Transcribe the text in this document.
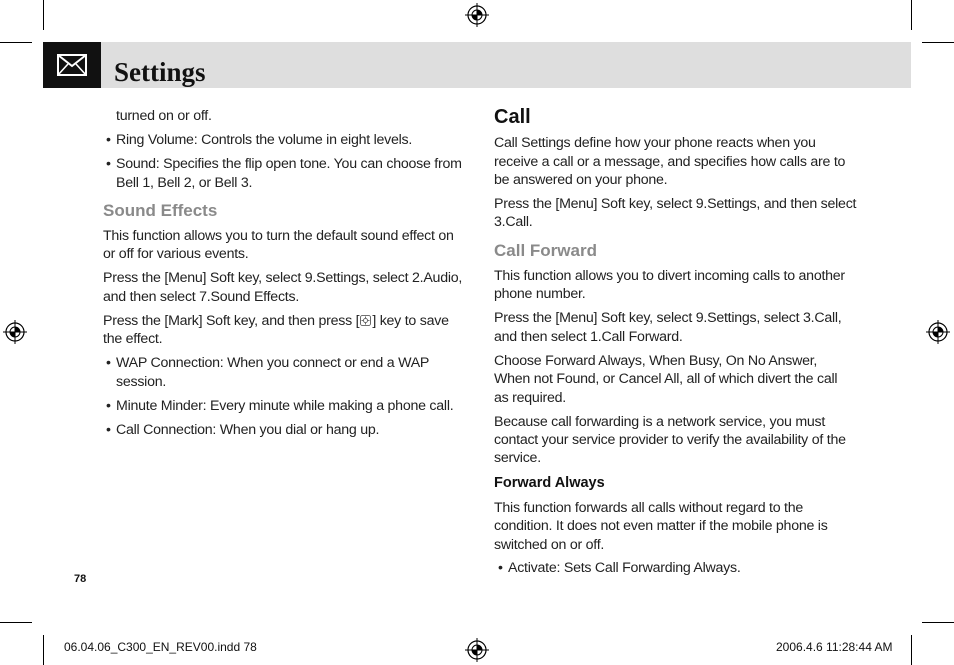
Settings
turned on or off.
• Ring Volume: Controls the volume in eight levels.
• Sound: Specifies the flip open tone. You can choose from
Bell 1, Bell 2, or Bell 3.
Sound Effects
This function allows you to turn the default sound effect on
or off for various events.
Press the [Menu] Soft key, select 9.Settings, select 2.Audio,
and then select 7.Sound Effects.
Press the [Mark] Soft key, and then press [ ] key to save
the effect.
• WAP Connection: When you connect or end a WAP
session.
• Minute Minder: Every minute while making a phone call.
• Call Connection: When you dial or hang up.
Call
Call Settings define how your phone reacts when you
receive a call or a message, and specifies how calls are to
be answered on your phone.
Press the [Menu] Soft key, select 9.Settings, and then select
3.Call.
Call Forward
This function allows you to divert incoming calls to another
phone number.
Press the [Menu] Soft key, select 9.Settings, select 3.Call,
and then select 1.Call Forward.
Choose Forward Always, When Busy, On No Answer,
When not Found, or Cancel All, all of which divert the call
as required.
Because call forwarding is a network service, you must
contact your service provider to verify the availability of the
service.
Forward Always
This function forwards all calls without regard to the
condition. It does not even matter if the mobile phone is
switched on or off.
• Activate: Sets Call Forwarding Always.
78
06.04.06_C300_EN_REV00.indd 78	2006.4.6 11:28:44 AM
